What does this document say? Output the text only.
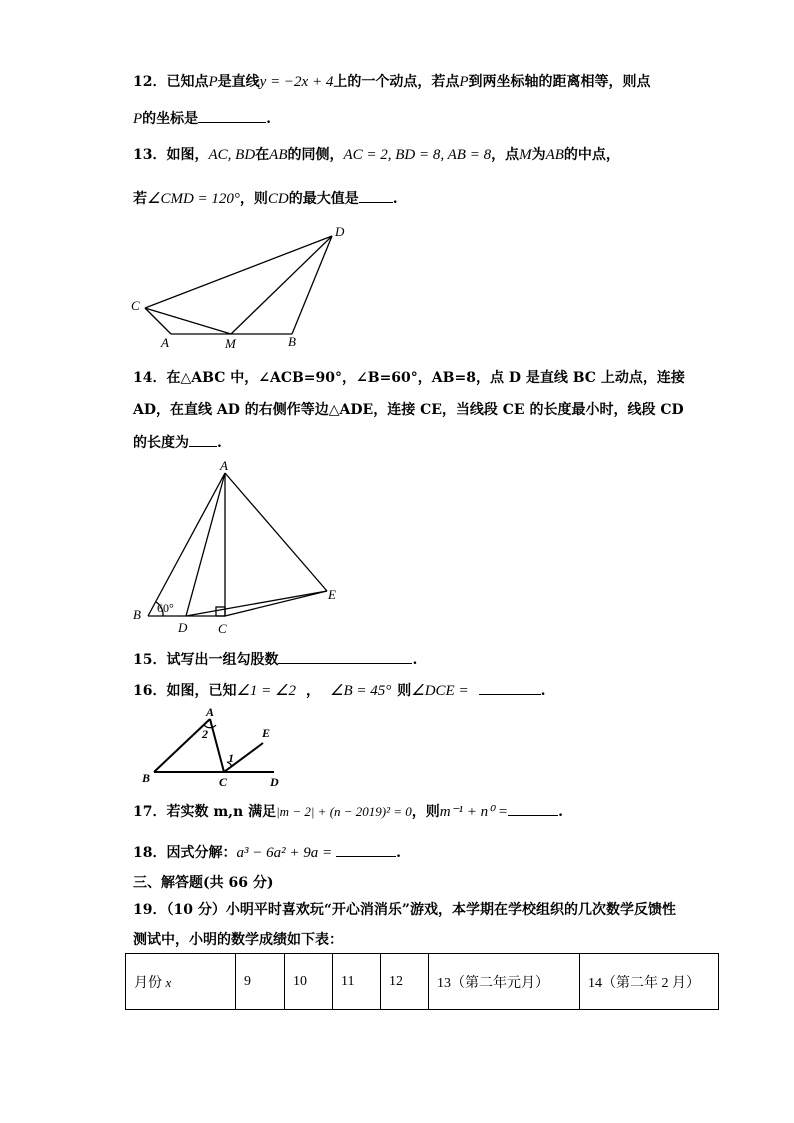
12．已知点P是直线y = −2x + 4上的一个动点，若点P到两坐标轴的距离相等，则点
P的坐标是	.
13．如图，AC, BD在AB的同侧，AC = 2, BD = 8, AB = 8，点M为AB的中点，
若∠CMD = 120°，则CD的最大值是 .
C
A	M	B
D
14．在△ABC 中，∠ACB=90°，∠B=60°，AB=8，点 D 是直线 BC 上动点，连接
AD，在直线 AD 的右侧作等边△ADE，连接 CE，当线段 CE 的长度最小时，线段 CD
的长度为 .
A
B
D C
E
60°
15．试写出一组勾股数	.
16．如图，已知∠1 = ∠2 ， ∠B = 45° 则∠DCE =	.
A
B	C	D
E
2
1
17．若实数 m,n 满足|m − 2| + (n − 2019)² = 0，则m⁻¹ + n⁰ =	.
18．因式分解：a³ − 6a² + 9a =	.
三、解答题(共 66 分)
19．（10 分）小明平时喜欢玩“开心消消乐”游戏，本学期在学校组织的几次数学反馈性
测试中，小明的数学成绩如下表：
月份 x	9	10	11	12	13（第二年元月）	14（第二年 2 月）
